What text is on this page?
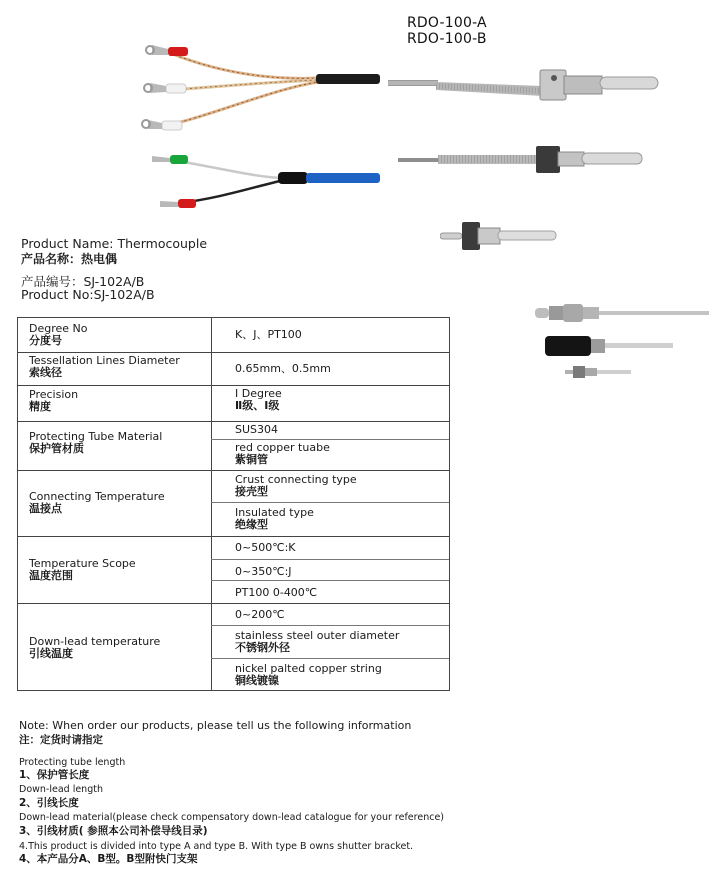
RDO-100-A
RDO-100-B
Product Name: Thermocouple
产品名称：热电偶
产品编号：SJ-102A/B
Product No:SJ-102A/B
Degree No
分度号	K、J、PT100
Tessellation Lines Diameter
索线径	0.65mm、0.5mm
Precision
精度
I Degree
Ⅱ级、Ⅰ级
Protecting Tube Material
保护管材质
SUS304
red copper tuabe
紫铜管
Connecting Temperature
温接点
Crust connecting type
接壳型
Insulated type
绝缘型
Temperature Scope
温度范围
0~500℃:K
0~350℃:J
PT100 0-400℃
Down-lead temperature
引线温度
0~200℃
stainless steel outer diameter
不锈钢外径
nickel palted copper string
铜线镀镍
Note: When order our products, please tell us the following information
注：定货时请指定
Protecting tube length
1、保护管长度
Down-lead length
2、引线长度
Down-lead material(please check compensatory down-lead catalogue for your reference)
3、引线材质( 参照本公司补偿导线目录)
4.This product is divided into type A and type B. With type B owns shutter bracket.
4、本产品分A、B型。B型附快门支架
